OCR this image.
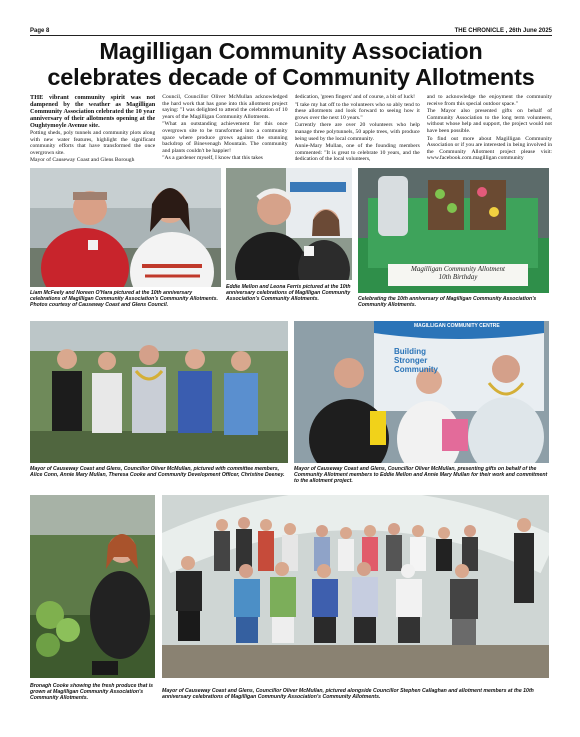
Page 8	THE CHRONICLE , 26th June 2025
Magilligan Community Association
celebrates decade of Community Allotments

THE vibrant community spirit was not dampened by the weather as Magilligan Community Association celebrated the 10 year anniversary of their allotments opening at the Oughtymoyle Avenue site.

Potting sheds, poly tunnels and community plots along with new water features, highlight the significant community efforts that have transformed the once overgrown site.

Mayor of Causeway Coast and Glens Borough

Council, Councillor Oliver McMullan acknowledged the hard work that has gone into this allotment project saying: "I was delighted to attend the celebration of 10 years of the Magilligan Community Allotments.

"What an outstanding achievement for this once overgrown site to be transformed into a community space where produce grows against the stunning backdrop of Binevenagh Mountain. The community and plants couldn't be happier!

"As a gardener myself, I know that this takes

dedication, 'green fingers' and of course, a bit of luck!

"I take my hat off to the volunteers who so ably tend to these allotments and look forward to seeing how it grows over the next 10 years."

Currently there are over 20 volunteers who help manage three polytunnels, 50 apple trees, with produce being used by the local community.

Annie-Mary Mullan, one of the founding members commented: "It is great to celebrate 10 years, and the dedication of the local volunteers,

and to acknowledge the enjoyment the community receive from this special outdoor space."

The Mayor also presented gifts on behalf of Community Association to the long term volunteers, without whose help and support, the project would not have been possible.

To find out more about Magilligan Community Association or if you are interested in being involved in the Community Allotment project please visit: www.facebook.com.magilligan community

Liam McFeely and Noreen O'Hara pictured at the 10th anniversary celebrations of Magilligan Community Association's Community Allotments. Photos courtesy of Causeway Coast and Glens Council.
Eddie Mellon and Leona Ferris pictured at the 10th anniversary celebrations of Magilligan Community Association's Community Allotments.
Magilligan Community Allotment
10th Birthday
Celebrating the 10th anniversary of Magilligan Community Association's Community Allotments.
Mayor of Causeway Coast and Glens, Councillor Oliver McMullan, pictured with committee members, Alice Conn, Annie Mary Mullan, Theresa Cooke and Community Development Officer, Christine Deeney.
MAGILLIGAN COMMUNITY CENTRE
Building Stronger Community
Mayor of Causeway Coast and Glens, Councillor Oliver McMullan, presenting gifts on behalf of the Community Allotment members to Eddie Mellon and Annie Mary Mullan for their work and commitment to the allotment project.
Bronagh Cooke showing the fresh produce that is grown at Magilligan Community Association's Community Allotments.
Mayor of Causeway Coast and Glens, Councillor Oliver McMullan, pictured alongside Councillor Stephen Callaghan and allotment members at the 10th anniversary celebrations of Magilligan Community Association's Community Allotments.
